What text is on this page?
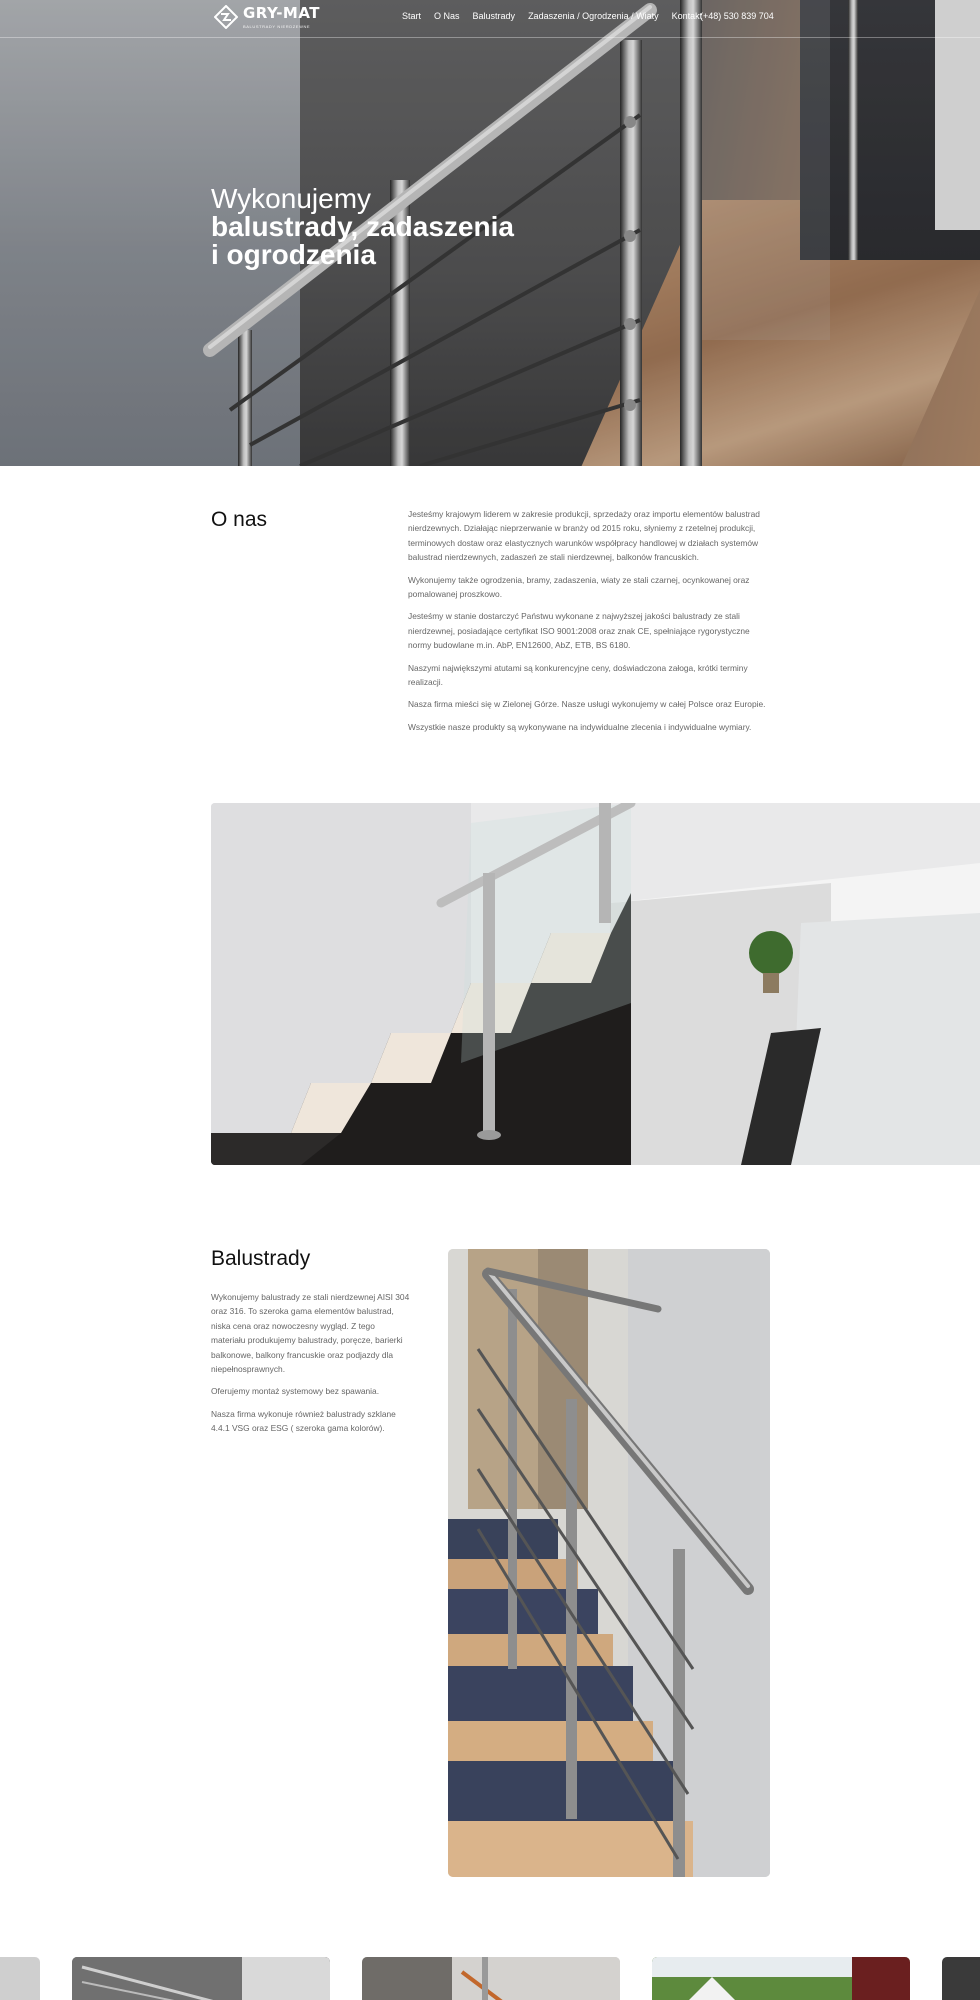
GRY-MAT
BALUSTRADY NIERDZEWNE
Start O Nas Balustrady Zadaszenia / Ogrodzenia / Wiaty Kontakt
(+48) 530 839 704
Wykonujemy
balustrady, zadaszenia
i ogrodzenia
O nas	Jesteśmy krajowym liderem w zakresie produkcji, sprzedaży oraz importu elementów balustrad nierdzewnych. Działając nieprzerwanie w branży od 2015 roku, słyniemy z rzetelnej produkcji, terminowych dostaw oraz elastycznych warunków współpracy handlowej w działach systemów balustrad nierdzewnych, zadaszeń ze stali nierdzewnej, balkonów francuskich.

Wykonujemy także ogrodzenia, bramy, zadaszenia, wiaty ze stali czarnej, ocynkowanej oraz pomalowanej proszkowo.

Jesteśmy w stanie dostarczyć Państwu wykonane z najwyższej jakości balustrady ze stali nierdzewnej, posiadające certyfikat ISO 9001:2008 oraz znak CE, spełniające rygorystyczne normy budowlane m.in. AbP, EN12600, AbZ, ETB, BS 6180.

Naszymi największymi atutami są konkurencyjne ceny, doświadczona załoga, krótki terminy realizacji.

Nasza firma mieści się w Zielonej Górze. Nasze usługi wykonujemy w całej Polsce oraz Europie.

Wszystkie nasze produkty są wykonywane na indywidualne zlecenia i indywidualne wymiary.

Balustrady

Wykonujemy balustrady ze stali nierdzewnej AISI 304 oraz 316. To szeroka gama elementów balustrad, niska cena oraz nowoczesny wygląd. Z tego materiału produkujemy balustrady, poręcze, barierki balkonowe, balkony francuskie oraz podjazdy dla niepełnosprawnych.

Oferujemy montaż systemowy bez spawania.

Nasza firma wykonuje również balustrady szklane 4.4.1 VSG oraz ESG ( szeroka gama kolorów).
